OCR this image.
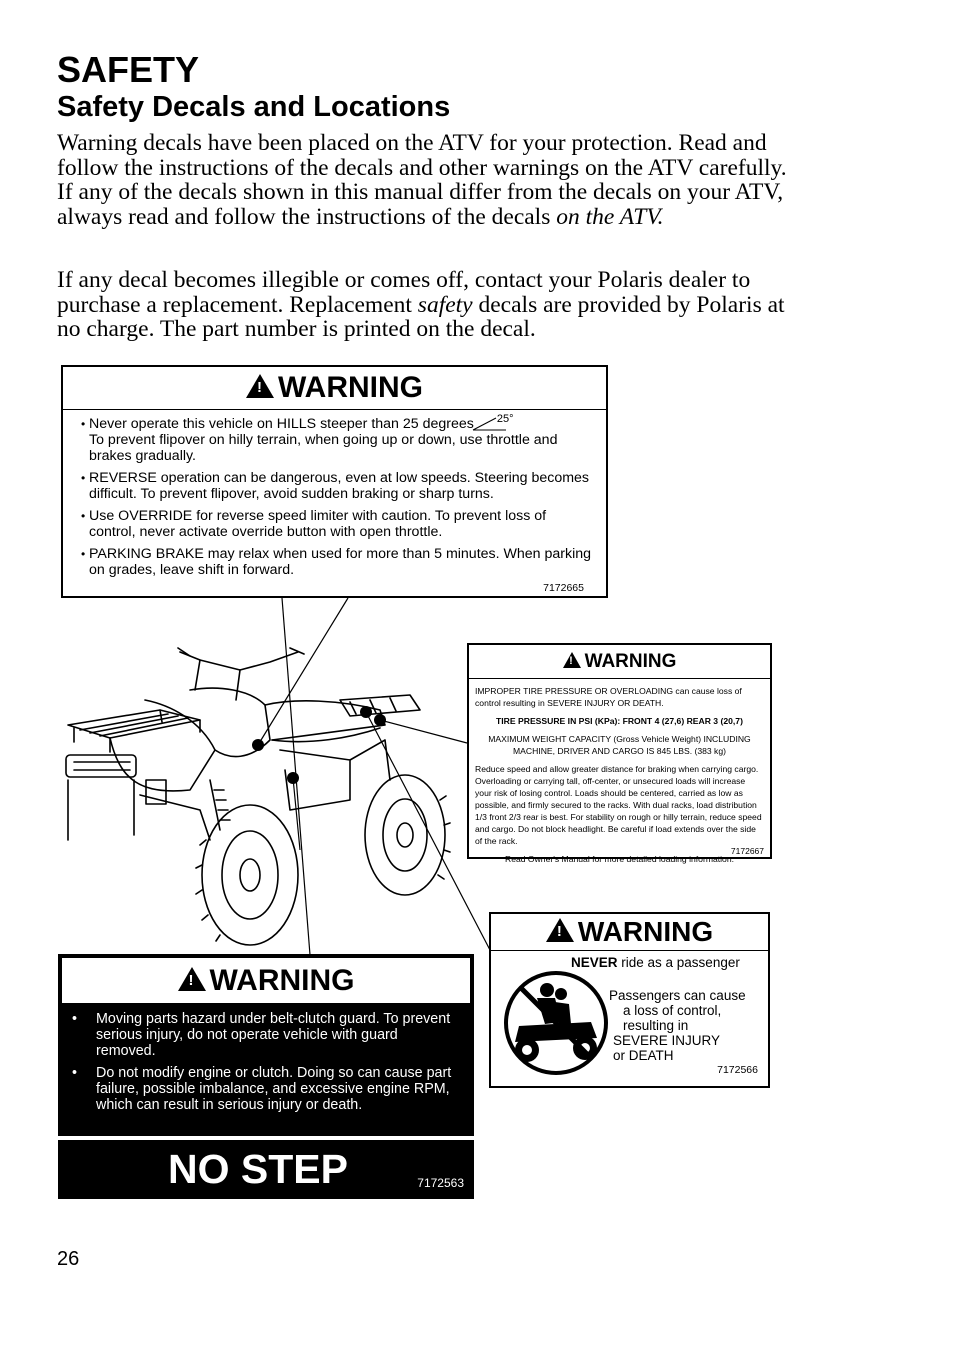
SAFETY
Safety Decals and Locations

Warning decals have been placed on the ATV for your protection. Read and follow the instructions of the decals and other warnings on the ATV carefully. If any of the decals shown in this manual differ from the decals on your ATV, always read and follow the instructions of the decals on the ATV.

If any decal becomes illegible or comes off, contact your Polaris dealer to purchase a replacement. Replacement safety decals are provided by Polaris at no charge. The part number is printed on the decal.

!
WARNING
• Never operate this vehicle on HILLS steeper than 25 degrees 25°

To prevent flipover on hilly terrain, when going up or down, use throttle and brakes gradually.
• REVERSE operation can be dangerous, even at low speeds. Steering becomes difficult. To prevent flipover, avoid sudden braking or sharp turns.
• Use OVERRIDE for reverse speed limiter with caution. To prevent loss of control, never activate override button with open throttle.
• PARKING BRAKE may relax when used for more than 5 minutes. When parking on grades, leave shift in forward.
7172665
!
WARNING

IMPROPER TIRE PRESSURE OR OVERLOADING can cause loss of control resulting in SEVERE INJURY OR DEATH.

TIRE PRESSURE IN PSI (KPa): FRONT 4 (27,6) REAR 3 (20,7)

MAXIMUM WEIGHT CAPACITY (Gross Vehicle Weight) INCLUDING MACHINE, DRIVER AND CARGO IS 845 LBS. (383 kg)

Reduce speed and allow greater distance for braking when carrying cargo. Overloading or carrying tall, off-center, or unsecured loads will increase your risk of losing control. Loads should be centered, carried as low as possible, and firmly secured to the racks. With dual racks, load distribution 1/3 front 2/3 rear is best. For stability on rough or hilly terrain, reduce speed and cargo. Do not block headlight. Be careful if load extends over the side of the rack.

Read Owner's Manual for more detailed loading information.

7172667
!
WARNING
NEVER ride as a passenger
Passengers can cause
a loss of control,
resulting in
SEVERE INJURY
or DEATH
7172566
!
WARNING
• Moving parts hazard under belt-clutch guard. To prevent serious injury, do not operate vehicle with guard removed.
• Do not modify engine or clutch. Doing so can cause part failure, possible imbalance, and excessive engine RPM, which can result in serious injury or death.
NO STEP	7172563
26
